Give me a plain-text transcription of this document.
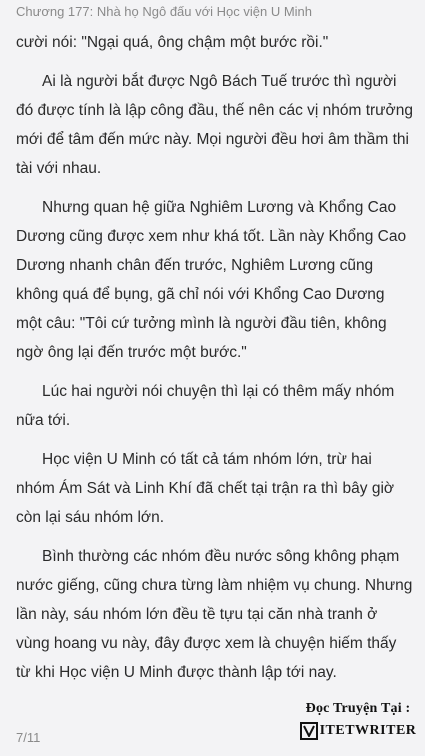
Chương 177: Nhà họ Ngô đấu với Học viện U Minh

cười nói: "Ngại quá, ông chậm một bước rồi."

Ai là người bắt được Ngô Bách Tuế trước thì người đó được tính là lập công đầu, thế nên các vị nhóm trưởng mới để tâm đến mức này. Mọi người đều hơi âm thầm thi tài với nhau.

Nhưng quan hệ giữa Nghiêm Lương và Khổng Cao Dương cũng được xem như khá tốt. Lần này Khổng Cao Dương nhanh chân đến trước, Nghiêm Lương cũng không quá để bụng, gã chỉ nói với Khổng Cao Dương một câu: "Tôi cứ tưởng mình là người đầu tiên, không ngờ ông lại đến trước một bước."

Lúc hai người nói chuyện thì lại có thêm mấy nhóm nữa tới.

Học viện U Minh có tất cả tám nhóm lớn, trừ hai nhóm Ám Sát và Linh Khí đã chết tại trận ra thì bây giờ còn lại sáu nhóm lớn.

Bình thường các nhóm đều nước sông không phạm nước giếng, cũng chưa từng làm nhiệm vụ chung. Nhưng lần này, sáu nhóm lớn đều tề tựu tại căn nhà tranh ở vùng hoang vu này, đây được xem là chuyện hiếm thấy từ khi Học viện U Minh được thành lập tới nay.

7/11
Đọc Truyện Tại :
ITETWRITER
